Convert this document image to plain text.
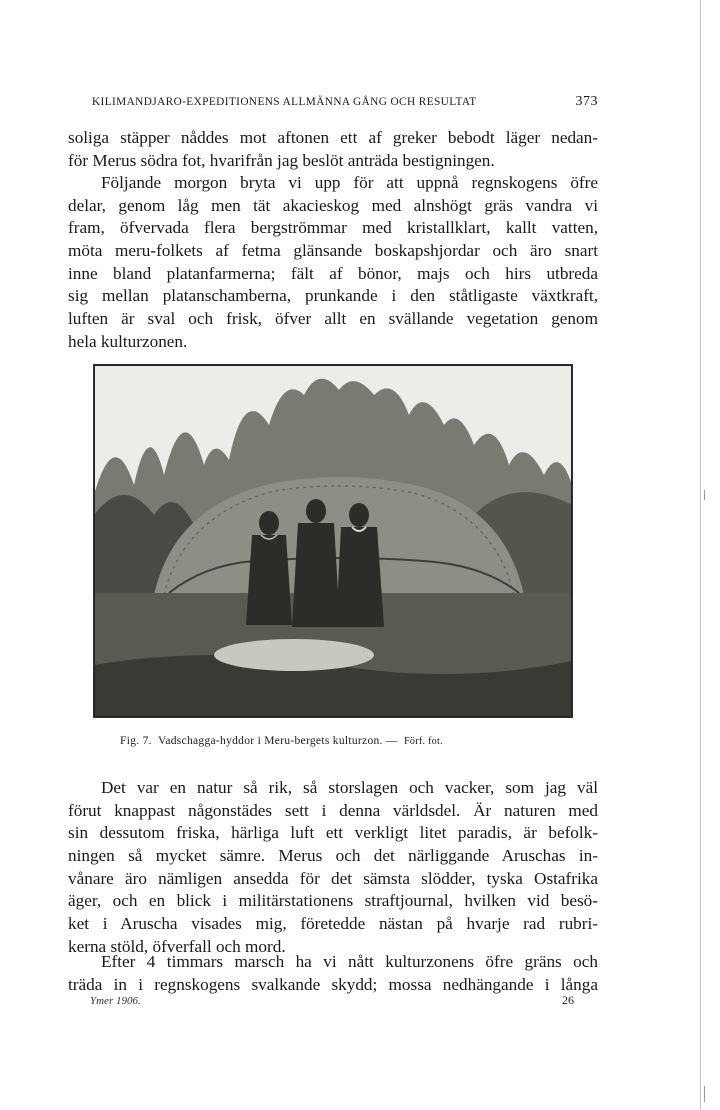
KILIMANDJARO-EXPEDITIONENS ALLMÄNNA GÅNG OCH RESULTAT	373
soliga stäpper nåddes mot aftonen ett af greker bebodt läger nedan-
för Merus södra fot, hvarifrån jag beslöt anträda bestigningen.
Följande morgon bryta vi upp för att uppnå regnskogens öfre
delar, genom låg men tät akacieskog med alnshögt gräs vandra vi
fram, öfvervada flera bergströmmar med kristallklart, kallt vatten,
möta meru-folkets af fetma glänsande boskapshjordar och äro snart
inne bland platanfarmerna; fält af bönor, majs och hirs utbreda
sig mellan platanschamberna, prunkande i den ståtligaste växtkraft,
luften är sval och frisk, öfver allt en svällande vegetation genom
hela kulturzonen.
Fig. 7. Vadschagga-hyddor i Meru-bergets kulturzon. — Förf. fot.
Det var en natur så rik, så storslagen och vacker, som jag väl
förut knappast någonstädes sett i denna världsdel. Är naturen med
sin dessutom friska, härliga luft ett verkligt litet paradis, är befolk-
ningen så mycket sämre. Merus och det närliggande Aruschas in-
vånare äro nämligen ansedda för det sämsta slödder, tyska Ostafrika
äger, och en blick i militärstationens straftjournal, hvilken vid besö-
ket i Aruscha visades mig, företedde nästan på hvarje rad rubri-
kerna stöld, öfverfall och mord.
Efter 4 timmars marsch ha vi nått kulturzonens öfre gräns och
träda in i regnskogens svalkande skydd; mossa nedhängande i långa
Ymer 1906.	26
